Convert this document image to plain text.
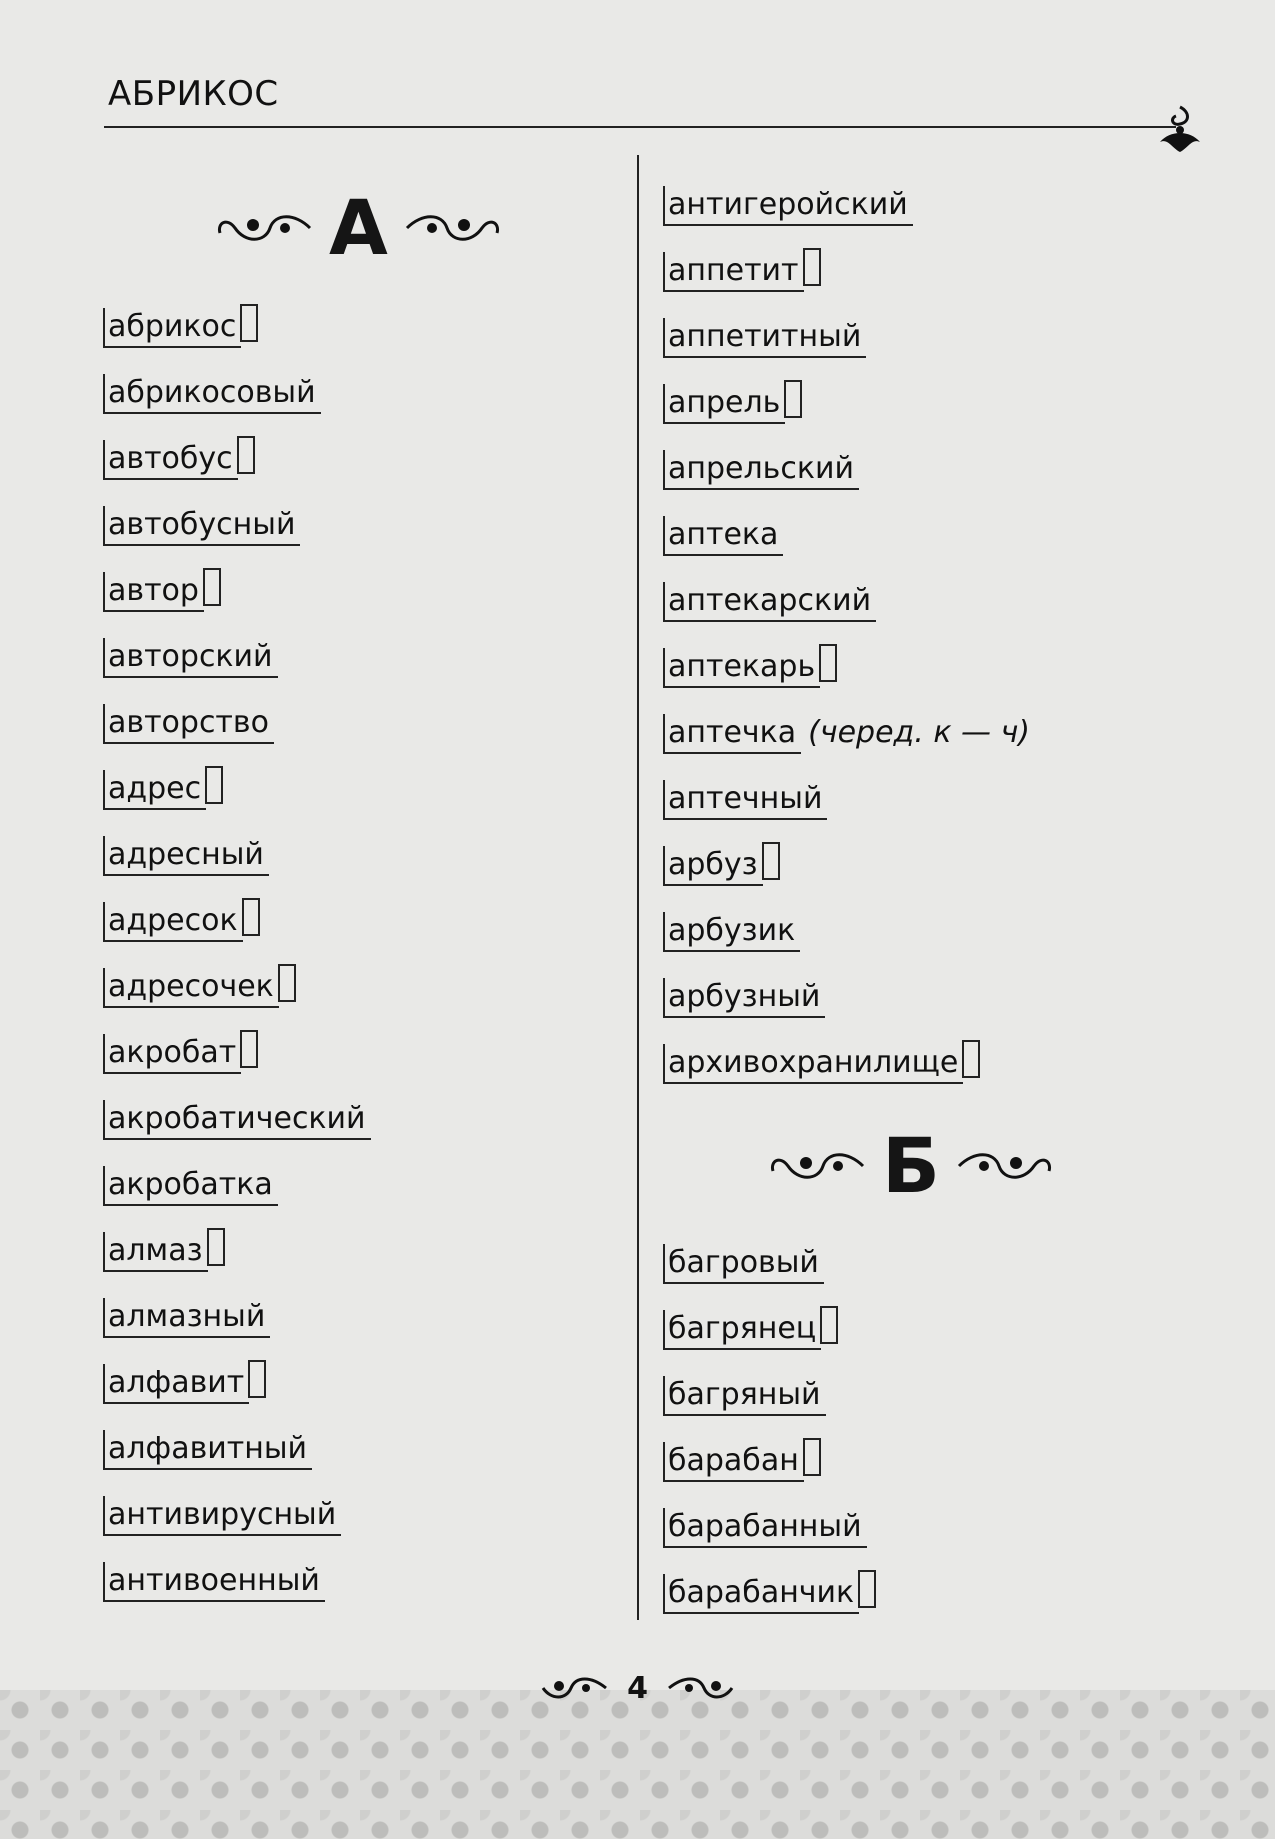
АБРИКОС
А
Б
абрикос
абрикосовый
автобус
автобусный
автор
авторский
авторство
адрес
адресный
адресок
адресочек
акробат
акробатический
акробатка
алмаз
алмазный
алфавит
алфавитный
антивирусный
антивоенный
антигеройский
аппетит
аппетитный
апрель
апрельский
аптека
аптекарский
аптекарь
аптечка (черед. к — ч)
аптечный
арбуз
арбузик
арбузный
архивохранилище
багровый
багрянец
багряный
барабан
барабанный
барабанчик
4
